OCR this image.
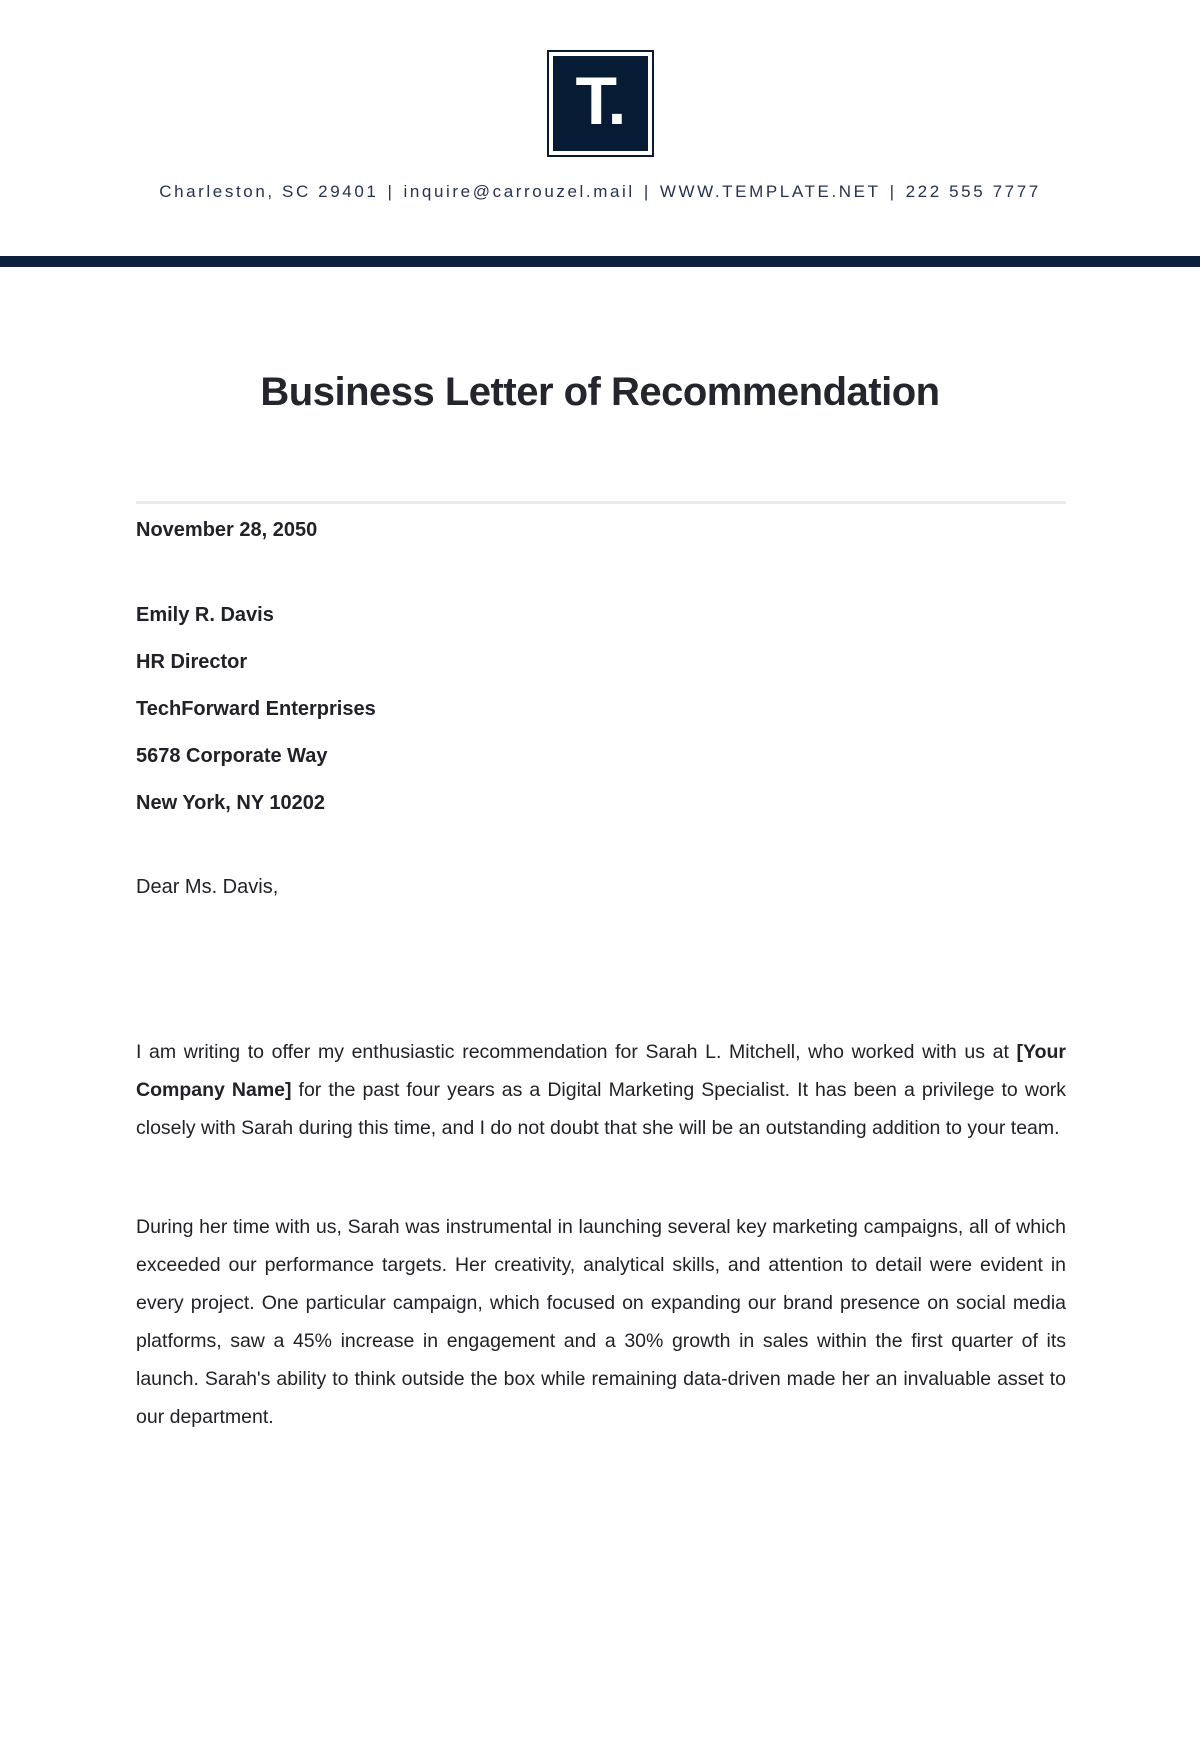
T.
Charleston, SC 29401 | inquire@carrouzel.mail | WWW.TEMPLATE.NET | 222 555 7777
Business Letter of Recommendation

November 28, 2050

Emily R. Davis
HR Director
TechForward Enterprises
5678 Corporate Way
New York, NY 10202

Dear Ms. Davis,

I am writing to offer my enthusiastic recommendation for Sarah L. Mitchell, who worked with us at [Your Company Name] for the past four years as a Digital Marketing Specialist. It has been a privilege to work closely with Sarah during this time, and I do not doubt that she will be an outstanding addition to your team.

During her time with us, Sarah was instrumental in launching several key marketing campaigns, all of which exceeded our performance targets. Her creativity, analytical skills, and attention to detail were evident in every project. One particular campaign, which focused on expanding our brand presence on social media platforms, saw a 45% increase in engagement and a 30% growth in sales within the first quarter of its launch. Sarah's ability to think outside the box while remaining data-driven made her an invaluable asset to our department.
